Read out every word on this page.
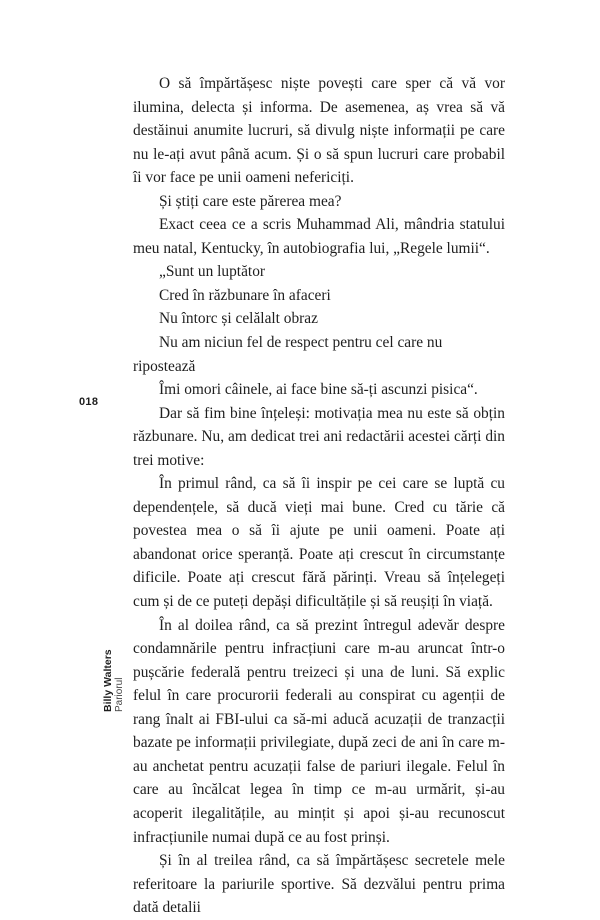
O să împărtășesc niște povești care sper că vă vor ilumina, delecta și informa. De asemenea, aș vrea să vă destăinui anumite lucruri, să divulg niște informații pe care nu le-ați avut până acum. Și o să spun lucruri care probabil îi vor face pe unii oameni nefericiți.

Și știți care este părerea mea?

Exact ceea ce a scris Muhammad Ali, mândria statului meu natal, Kentucky, în autobiografia lui, „Regele lumii“.

„Sunt un luptător

Cred în răzbunare în afaceri

Nu întorc și celălalt obraz

Nu am niciun fel de respect pentru cel care nu ripostează

Îmi omori câinele, ai face bine să-ți ascunzi pisica“.

Dar să fim bine înțeleși: motivația mea nu este să obțin răzbunare. Nu, am dedicat trei ani redactării acestei cărți din trei motive:

În primul rând, ca să îi inspir pe cei care se luptă cu dependențele, să ducă vieți mai bune. Cred cu tărie că povestea mea o să îi ajute pe unii oameni. Poate ați abandonat orice speranță. Poate ați crescut în circumstanțe dificile. Poate ați crescut fără părinți. Vreau să înțelegeți cum și de ce puteți depăși dificultățile și să reușiți în viață.

În al doilea rând, ca să prezint întregul adevăr despre condamnările pentru infracțiuni care m-au aruncat într-o pușcărie federală pentru treizeci și una de luni. Să explic felul în care procurorii federali au conspirat cu agenții de rang înalt ai FBI-ului ca să-mi aducă acuzații de tranzacții bazate pe informații privilegiate, după zeci de ani în care m-au anchetat pentru acuzații false de pariuri ilegale. Felul în care au încălcat legea în timp ce m-au urmărit, și-au acoperit ilegalitățile, au mințit și apoi și-au recunoscut infracțiunile numai după ce au fost prinși.

Și în al treilea rând, ca să împărtășesc secretele mele referitoare la pariurile sportive. Să dezvălui pentru prima dată detalii

018
Billy Walters Pariorul
